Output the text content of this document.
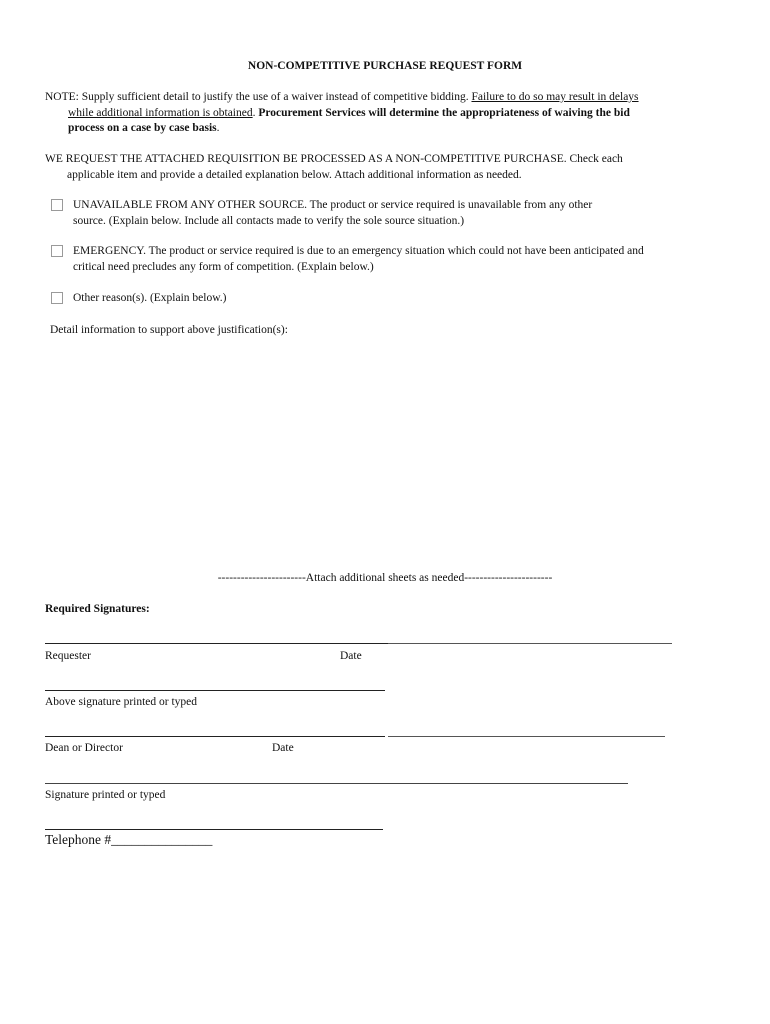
NON-COMPETITIVE PURCHASE REQUEST FORM
NOTE: Supply sufficient detail to justify the use of a waiver instead of competitive bidding. Failure to do so may result in delays
while additional information is obtained. Procurement Services will determine the appropriateness of waiving the bid
process on a case by case basis.
WE REQUEST THE ATTACHED REQUISITION BE PROCESSED AS A NON-COMPETITIVE PURCHASE. Check each
applicable item and provide a detailed explanation below. Attach additional information as needed.
UNAVAILABLE FROM ANY OTHER SOURCE. The product or service required is unavailable from any other
source. (Explain below. Include all contacts made to verify the sole source situation.)
EMERGENCY. The product or service required is due to an emergency situation which could not have been anticipated and
critical need precludes any form of competition. (Explain below.)
Other reason(s). (Explain below.)
Detail information to support above justification(s):
-----------------------Attach additional sheets as needed-----------------------
Required Signatures:
Requester	Date
Above signature printed or typed
Dean or Director	Date
Signature printed or typed
Telephone #_______________
